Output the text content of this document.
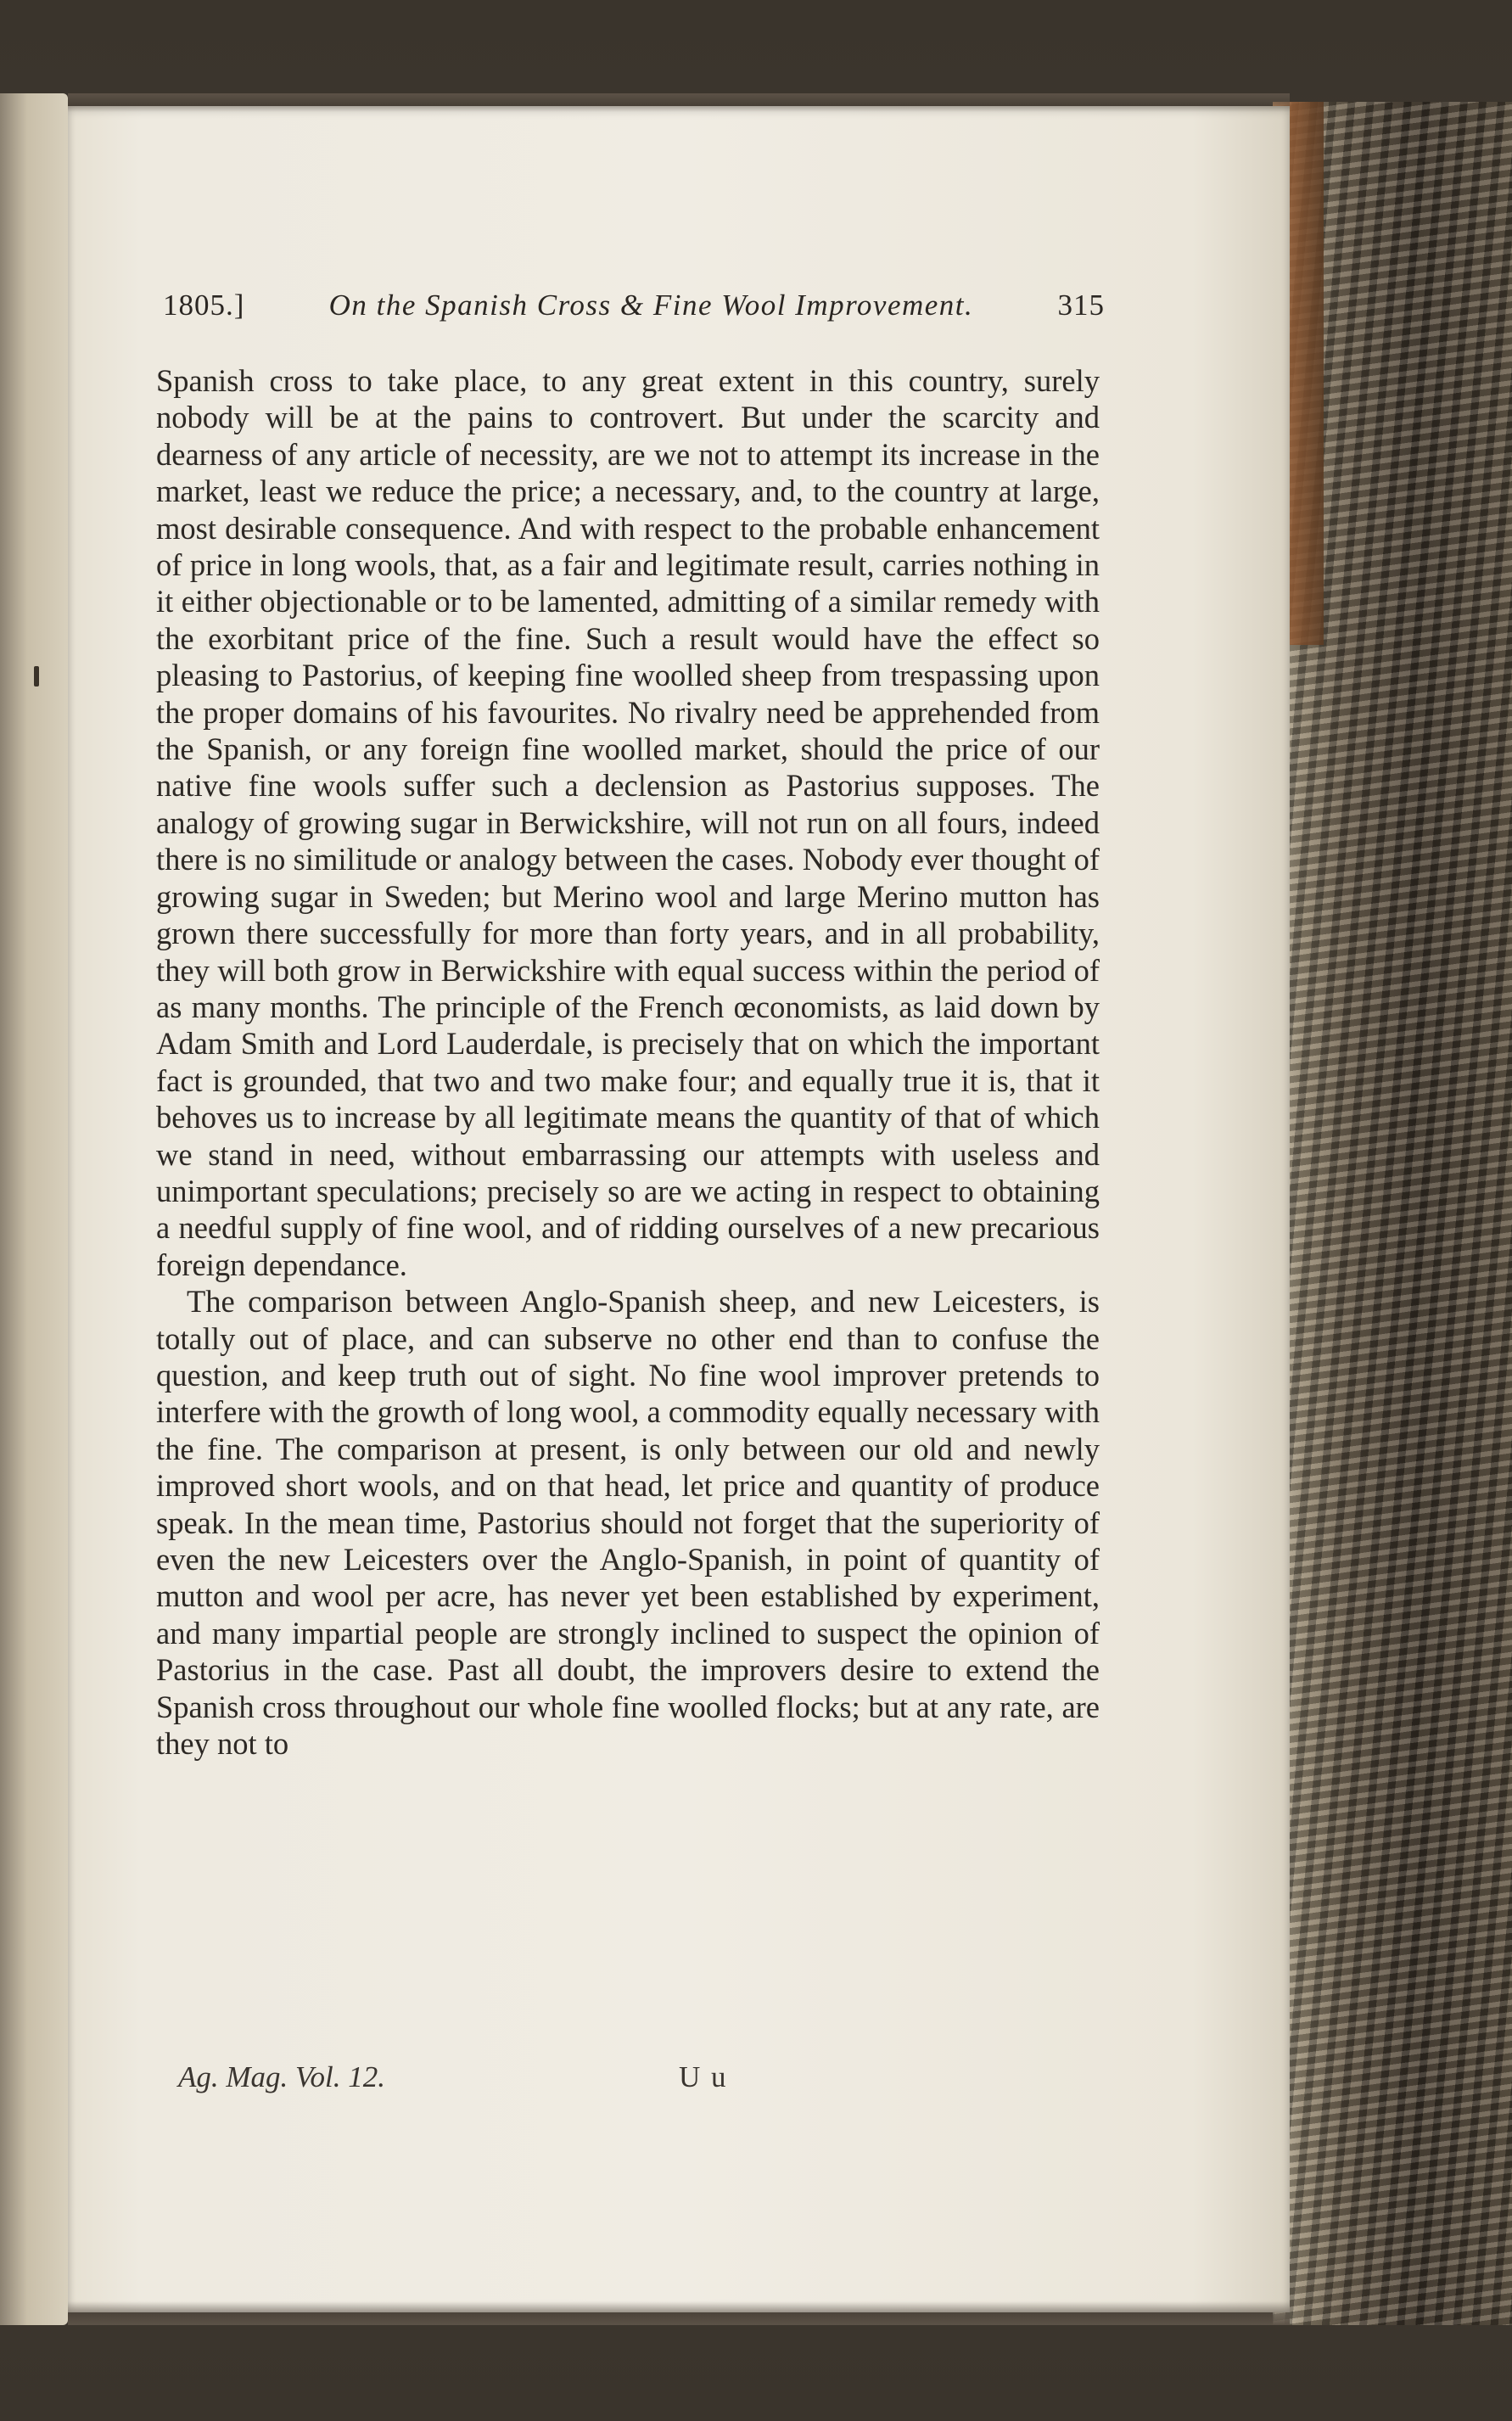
1805.]	On the Spanish Cross & Fine Wool Improvement.	315

Spanish cross to take place, to any great extent in this country, surely nobody will be at the pains to controvert. But under the scarcity and dearness of any article of necessity, are we not to attempt its increase in the market, least we reduce the price; a necessary, and, to the country at large, most desirable consequence. And with respect to the probable enhancement of price in long wools, that, as a fair and legitimate result, carries nothing in it either objectionable or to be lamented, admitting of a similar remedy with the exorbitant price of the fine. Such a result would have the effect so pleasing to Pastorius, of keeping fine woolled sheep from trespassing upon the proper domains of his favourites. No rivalry need be apprehended from the Spanish, or any foreign fine woolled market, should the price of our native fine wools suffer such a declension as Pastorius supposes. The analogy of growing sugar in Berwickshire, will not run on all fours, indeed there is no similitude or analogy between the cases. Nobody ever thought of growing sugar in Sweden; but Merino wool and large Merino mutton has grown there successfully for more than forty years, and in all probability, they will both grow in Berwickshire with equal success within the period of as many months. The principle of the French œconomists, as laid down by Adam Smith and Lord Lauderdale, is precisely that on which the important fact is grounded, that two and two make four; and equally true it is, that it behoves us to increase by all legitimate means the quantity of that of which we stand in need, without embarrassing our attempts with useless and unimportant speculations; precisely so are we acting in respect to obtaining a needful supply of fine wool, and of ridding ourselves of a new precarious foreign dependance.

The comparison between Anglo-Spanish sheep, and new Leicesters, is totally out of place, and can subserve no other end than to confuse the question, and keep truth out of sight. No fine wool improver pretends to interfere with the growth of long wool, a commodity equally necessary with the fine. The comparison at present, is only between our old and newly improved short wools, and on that head, let price and quantity of produce speak. In the mean time, Pastorius should not forget that the superiority of even the new Leicesters over the Anglo-Spanish, in point of quantity of mutton and wool per acre, has never yet been established by experiment, and many impartial people are strongly inclined to suspect the opinion of Pastorius in the case. Past all doubt, the improvers desire to extend the Spanish cross throughout our whole fine woolled flocks; but at any rate, are they not to

Ag. Mag. Vol. 12.	U u
